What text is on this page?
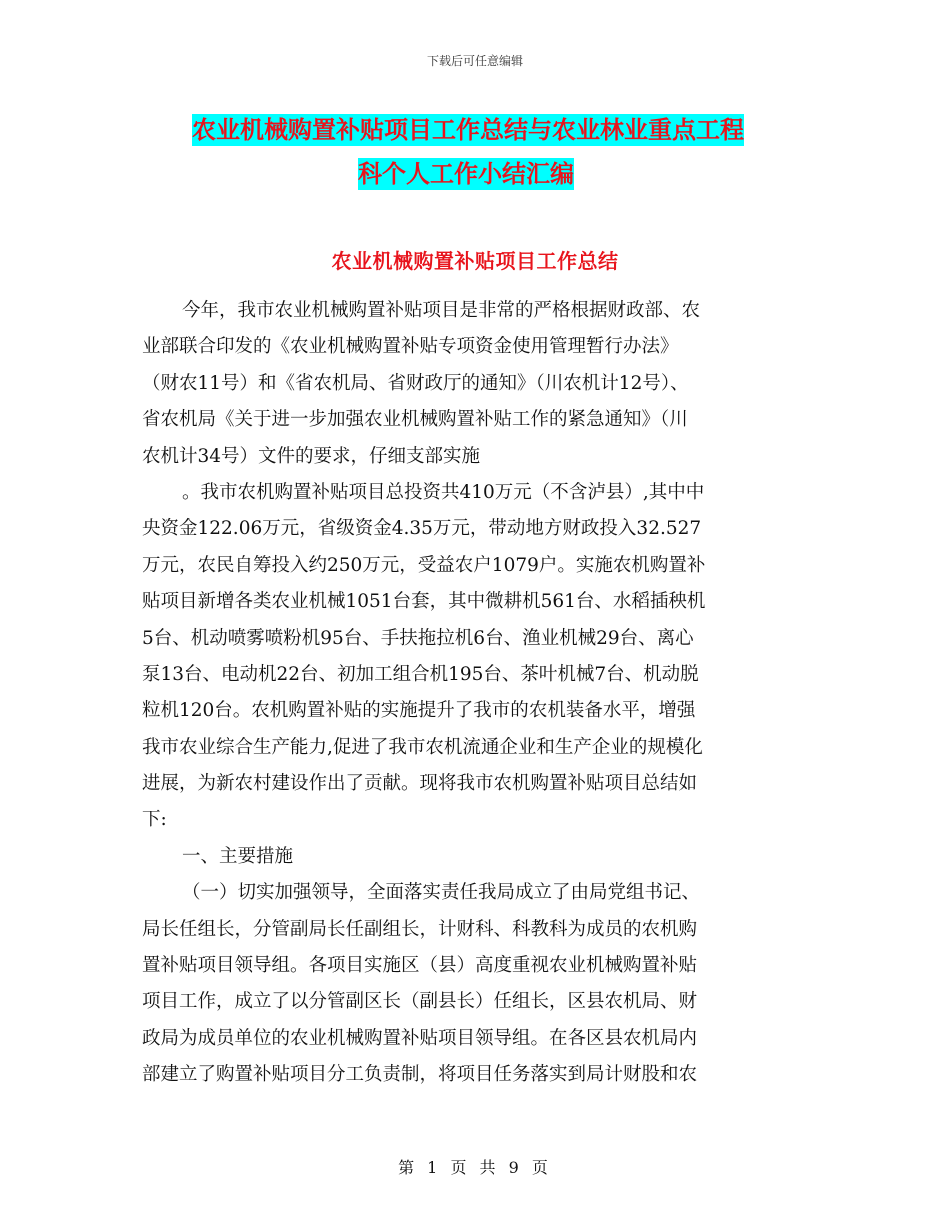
下载后可任意编辑
农业机械购置补贴项目工作总结与农业林业重点工程
科个人工作小结汇编
农业机械购置补贴项目工作总结
今年，我市农业机械购置补贴项目是非常的严格根据财政部、农
业部联合印发的《农业机械购置补贴专项资金使用管理暂行办法》
（财农11号）和《省农机局、省财政厅的通知》（川农机计12号）、
省农机局《关于进一步加强农业机械购置补贴工作的紧急通知》（川
农机计34号）文件的要求，仔细支部实施
。我市农机购置补贴项目总投资共410万元（不含泸县）,其中中
央资金122.06万元，省级资金4.35万元，带动地方财政投入32.527
万元，农民自筹投入约250万元，受益农户1079户。实施农机购置补
贴项目新增各类农业机械1051台套，其中微耕机561台、水稻插秧机
5台、机动喷雾喷粉机95台、手扶拖拉机6台、渔业机械29台、离心
泵13台、电动机22台、初加工组合机195台、茶叶机械7台、机动脱
粒机120台。农机购置补贴的实施提升了我市的农机装备水平，增强
我市农业综合生产能力,促进了我市农机流通企业和生产企业的规模化
进展，为新农村建设作出了贡献。现将我市农机购置补贴项目总结如
下:
一、主要措施
（一）切实加强领导，全面落实责任我局成立了由局党组书记、
局长任组长，分管副局长任副组长，计财科、科教科为成员的农机购
置补贴项目领导组。各项目实施区（县）高度重视农业机械购置补贴
项目工作，成立了以分管副区长（副县长）任组长，区县农机局、财
政局为成员单位的农业机械购置补贴项目领导组。在各区县农机局内
部建立了购置补贴项目分工负责制，将项目任务落实到局计财股和农
第 1 页 共 9 页
